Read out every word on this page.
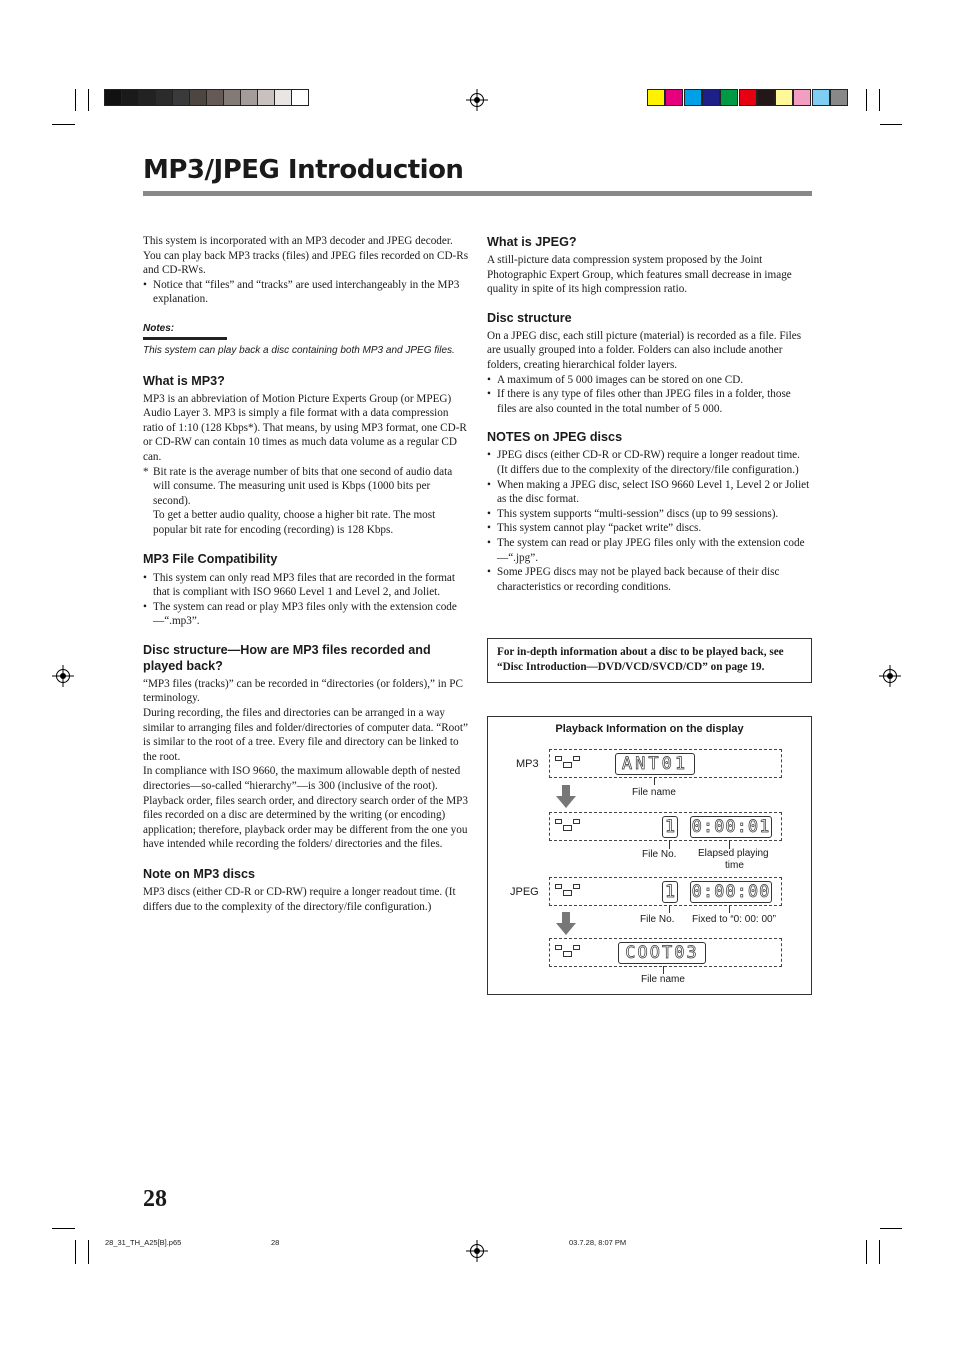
MP3/JPEG Introduction

This system is incorporated with an MP3 decoder and JPEG decoder. You can play back MP3 tracks (files) and JPEG files recorded on CD-Rs and CD-RWs.

• Notice that “files” and “tracks” are used interchangeably in the MP3 explanation.
Notes:
This system can play back a disc containing both MP3 and JPEG files.
What is MP3?

MP3 is an abbreviation of Motion Picture Experts Group (or MPEG) Audio Layer 3. MP3 is simply a file format with a data compression ratio of 1:10 (128 Kbps*). That means, by using MP3 format, one CD-R or CD-RW can contain 10 times as much data volume as a regular CD can.

* Bit rate is the average number of bits that one second of audio data will consume. The measuring unit used is Kbps (1000 bits per second).

To get a better audio quality, choose a higher bit rate. The most popular bit rate for encoding (recording) is 128 Kbps.

MP3 File Compatibility
• This system can only read MP3 files that are recorded in the format that is compliant with ISO 9660 Level 1 and Level 2, and Joliet.
• The system can read or play MP3 files only with the extension code—“.mp3”.
Disc structure—How are MP3 files recorded and played back?

“MP3 files (tracks)” can be recorded in “directories (or folders),” in PC terminology.

During recording, the files and directories can be arranged in a way similar to arranging files and folder/directories of computer data. “Root” is similar to the root of a tree. Every file and directory can be linked to the root.

In compliance with ISO 9660, the maximum allowable depth of nested directories—so-called “hierarchy”—is 300 (inclusive of the root).

Playback order, files search order, and directory search order of the MP3 files recorded on a disc are determined by the writing (or encoding) application; therefore, playback order may be different from the one you have intended while recording the folders/ directories and the files.

Note on MP3 discs

MP3 discs (either CD-R or CD-RW) require a longer readout time. (It differs due to the complexity of the directory/file configuration.)

What is JPEG?

A still-picture data compression system proposed by the Joint Photographic Expert Group, which features small decrease in image quality in spite of its high compression ratio.

Disc structure

On a JPEG disc, each still picture (material) is recorded as a file. Files are usually grouped into a folder. Folders can also include another folders, creating hierarchical folder layers.

• A maximum of 5 000 images can be stored on one CD.
• If there is any type of files other than JPEG files in a folder, those files are also counted in the total number of 5 000.
NOTES on JPEG discs
• JPEG discs (either CD-R or CD-RW) require a longer readout time. (It differs due to the complexity of the directory/file configuration.)
• When making a JPEG disc, select ISO 9660 Level 1, Level 2 or Joliet as the disc format.
• This system supports “multi-session” discs (up to 99 sessions).
• This system cannot play “packet write” discs.
• The system can read or play JPEG files only with the extension code—“.jpg”.
• Some JPEG discs may not be played back because of their disc characteristics or recording conditions.
For in-depth information about a disc to be played back, see “Disc Introduction—DVD/VCD/SVCD/CD” on page 19.
Playback Information on the display
MP3
JPEG
ANT01
File name
1 0:00:01
File No. Elapsed playing
time
1 0:00:00
File No. Fixed to “0: 00: 00”
COOT03
File name
28
28_31_TH_A25[B].p65	28	03.7.28, 8:07 PM
